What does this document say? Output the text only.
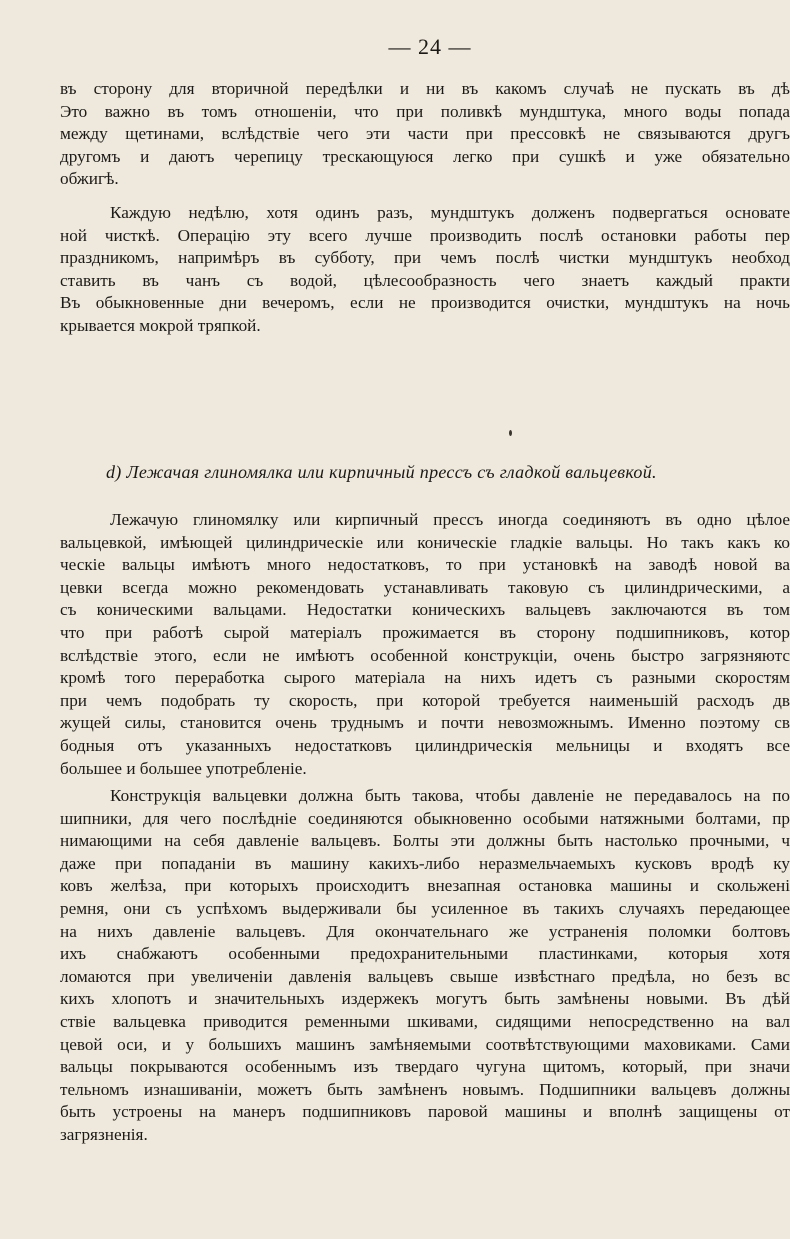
— 24 —
въ сторону для вторичной передѣлки и ни въ какомъ случаѣ не пускать въ дѣ
Это важно въ томъ отношеніи, что при поливкѣ мундштука, много воды попада
между щетинами, вслѣдствіе чего эти части при прессовкѣ не связываются другъ
другомъ и даютъ черепицу трескающуюся легко при сушкѣ и уже обязательно
обжигѣ.
Каждую недѣлю, хотя одинъ разъ, мундштукъ долженъ подвергаться основате
ной чисткѣ. Операцію эту всего лучше производить послѣ остановки работы пер
праздникомъ, напримѣръ въ субботу, при чемъ послѣ чистки мундштукъ необход
ставить въ чанъ съ водой, цѣлесообразность чего знаетъ каждый практи
Въ обыкновенные дни вечеромъ, если не производится очистки, мундштукъ на ночь
крывается мокрой тряпкой.
d) Лежачая глиномялка или кирпичный прессъ съ гладкой вальцевкой.
Лежачую глиномялку или кирпичный прессъ иногда соединяютъ въ одно цѣлое
вальцевкой, имѣющей цилиндрическіе или коническіе гладкіе вальцы. Но такъ какъ ко
ческіе вальцы имѣютъ много недостатковъ, то при установкѣ на заводѣ новой ва
цевки всегда можно рекомендовать устанавливать таковую съ цилиндрическими, а
съ коническими вальцами. Недостатки коническихъ вальцевъ заключаются въ том
что при работѣ сырой матеріалъ прожимается въ сторону подшипниковъ, котор
вслѣдствіе этого, если не имѣютъ особенной конструкціи, очень быстро загрязняютс
кромѣ того переработка сырого матеріала на нихъ идетъ съ разными скоростям
при чемъ подобрать ту скорость, при которой требуется наименьшій расходъ дв
жущей силы, становится очень труднымъ и почти невозможнымъ. Именно поэтому св
бодныя отъ указанныхъ недостатковъ цилиндрическія мельницы и входятъ все
большее и большее употребленіе.
Конструкція вальцевки должна быть такова, чтобы давленіе не передавалось на по
шипники, для чего послѣдніе соединяются обыкновенно особыми натяжными болтами, пр
нимающими на себя давленіе вальцевъ. Болты эти должны быть настолько прочными, ч
даже при попаданіи въ машину какихъ-либо неразмельчаемыхъ кусковъ вродѣ ку
ковъ желѣза, при которыхъ происходитъ внезапная остановка машины и скольжені
ремня, они съ успѣхомъ выдерживали бы усиленное въ такихъ случаяхъ передающее
на нихъ давленіе вальцевъ. Для окончательнаго же устраненія поломки болтовъ
ихъ снабжаютъ особенными предохранительными пластинками, которыя хотя
ломаются при увеличеніи давленія вальцевъ свыше извѣстнаго предѣла, но безъ вс
кихъ хлопотъ и значительныхъ издержекъ могутъ быть замѣнены новыми. Въ дѣй
ствіе вальцевка приводится ременными шкивами, сидящими непосредственно на вал
цевой оси, и у большихъ машинъ замѣняемыми соотвѣтствующими маховиками. Сами
вальцы покрываются особеннымъ изъ твердаго чугуна щитомъ, который, при значи
тельномъ изнашиваніи, можетъ быть замѣненъ новымъ. Подшипники вальцевъ должны
быть устроены на манеръ подшипниковъ паровой машины и вполнѣ защищены от
загрязненія.
